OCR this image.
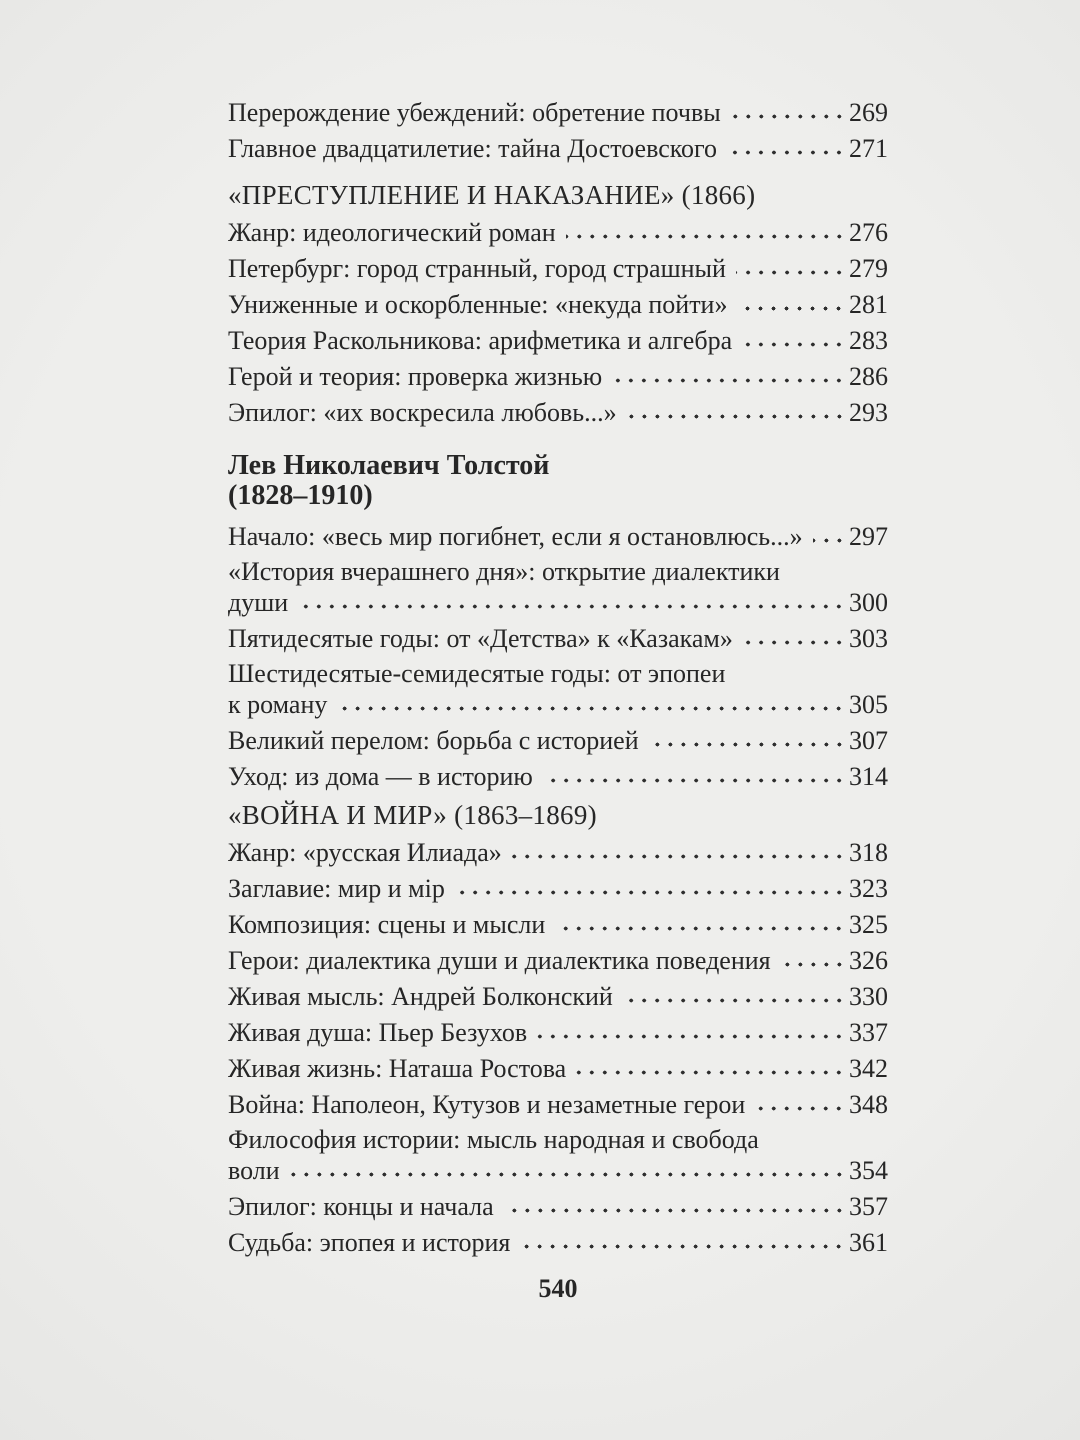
Перерождение убеждений: обретение почвы	269
Главное двадцатилетие: тайна Достоевского	271
«ПРЕСТУПЛЕНИЕ И НАКАЗАНИЕ» (1866)
Жанр: идеологический роман	276
Петербург: город странный, город страшный	279
Униженные и оскорбленные: «некуда пойти»	281
Теория Раскольникова: арифметика и алгебра	283
Герой и теория: проверка жизнью	286
Эпилог: «их воскресила любовь...»	293
Лев Николаевич Толстой
(1828–1910)
Начало: «весь мир погибнет, если я остановлюсь...» 297
«История вчерашнего дня»: открытие диалектики
души	300
Пятидесятые годы: от «Детства» к «Казакам»	303
Шестидесятые-семидесятые годы: от эпопеи
к роману	305
Великий перелом: борьба с историей	307
Уход: из дома — в историю	314
«ВОЙНА И МИР» (1863–1869)
Жанр: «русская Илиада»	318
Заглавие: мир и мір	323
Композиция: сцены и мысли	325
Герои: диалектика души и диалектика поведения	326
Живая мысль: Андрей Болконский	330
Живая душа: Пьер Безухов	337
Живая жизнь: Наташа Ростова	342
Война: Наполеон, Кутузов и незаметные герои	348
Философия истории: мысль народная и свобода
воли	354
Эпилог: концы и начала	357
Судьба: эпопея и история	361
540
